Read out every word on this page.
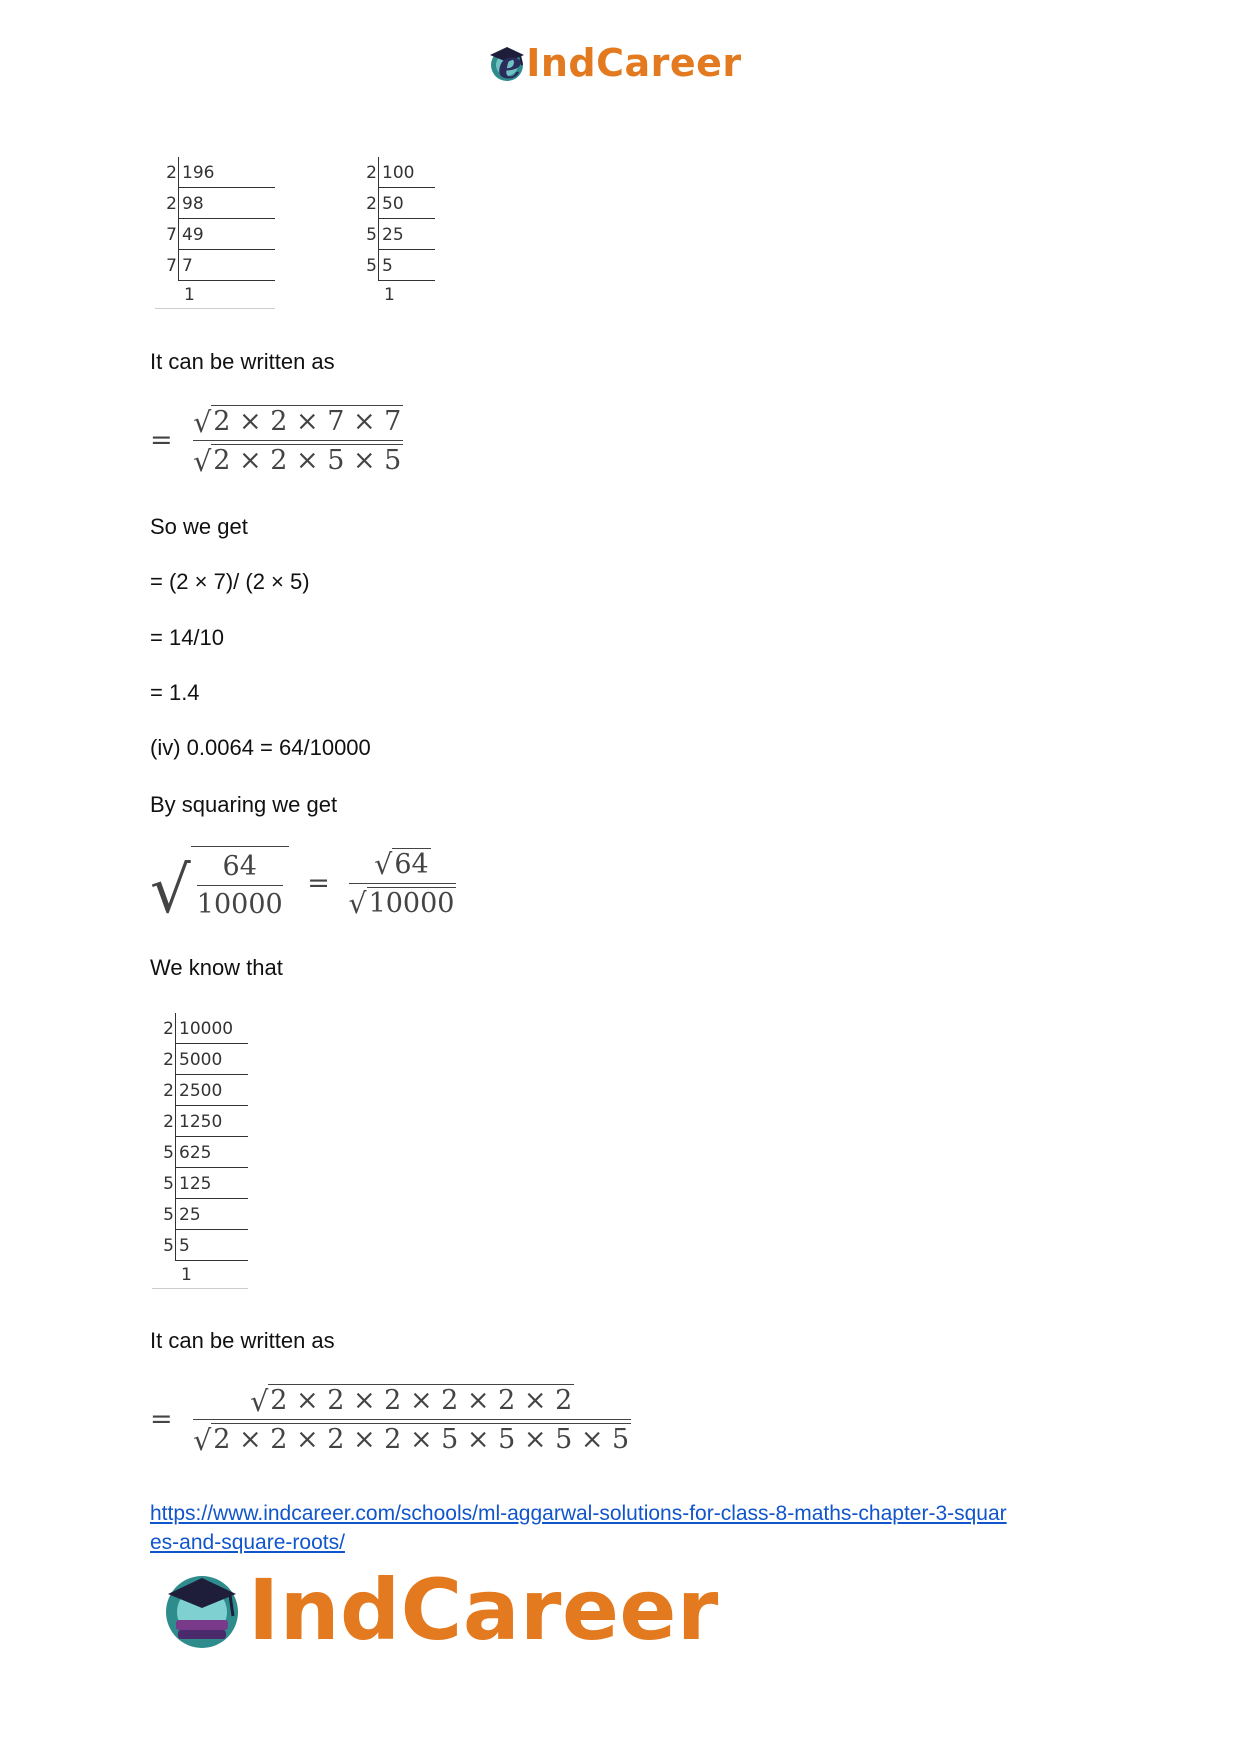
e IndCareer
2 196
2 98
7 49
7 7
1
2 100
2 50
5 25
5 5
1
It can be written as
= $\frac{√ 2 \times 2 \times 7 \times 7}{√ 2 \times 2 \times 5 \times 5}$
So we get
= (2 × 7)/ (2 × 5)
= 14/10
= 1.4
(iv) 0.0064 = 64/10000
By squaring we get
√ $\frac{64}{10000} = \frac{√ 64}{√ 10000}$
We know that
2 10000
2 5000
2 2500
2 1250
5 625
5 125
5 25
5 5
1
It can be written as
= $\frac{√ 2 \times 2 \times 2 \times 2 \times 2 \times 2}{√ 2 \times 2 \times 2 \times 2 \times 5 \times 5 \times 5 \times 5}$
https://www.indcareer.com/schools/ml-aggarwal-solutions-for-class-8-maths-chapter-3-squar
es-and-square-roots/
IndCareer
